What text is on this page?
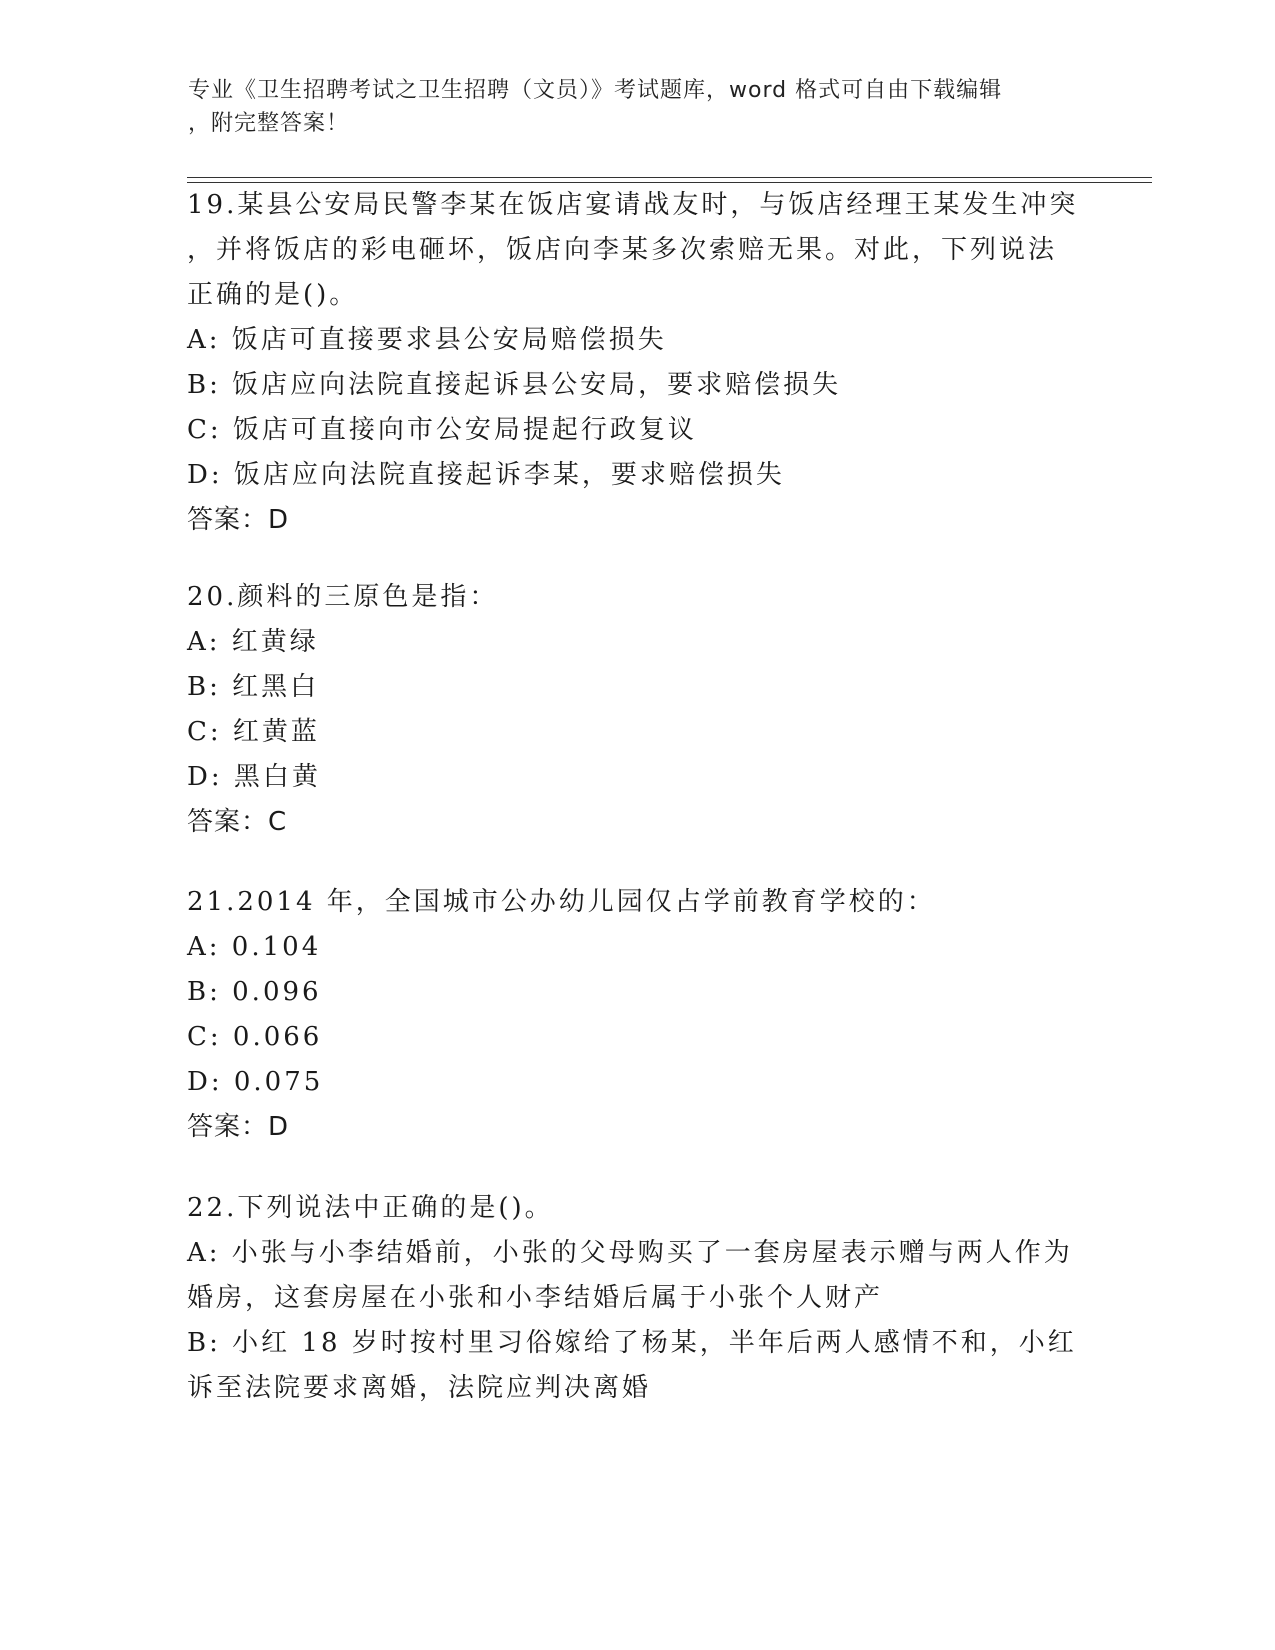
专业《卫生招聘考试之卫生招聘（文员）》考试题库，word 格式可自由下载编辑
，附完整答案！
19.某县公安局民警李某在饭店宴请战友时，与饭店经理王某发生冲突
，并将饭店的彩电砸坏，饭店向李某多次索赔无果。对此，下列说法
正确的是()。
A: 饭店可直接要求县公安局赔偿损失
B: 饭店应向法院直接起诉县公安局，要求赔偿损失
C: 饭店可直接向市公安局提起行政复议
D: 饭店应向法院直接起诉李某，要求赔偿损失
答案：D
20.颜料的三原色是指：
A: 红黄绿
B: 红黑白
C: 红黄蓝
D: 黑白黄
答案：C
21.2014 年，全国城市公办幼儿园仅占学前教育学校的：
A: 0.104
B: 0.096
C: 0.066
D: 0.075
答案：D
22.下列说法中正确的是()。
A: 小张与小李结婚前，小张的父母购买了一套房屋表示赠与两人作为
婚房，这套房屋在小张和小李结婚后属于小张个人财产
B: 小红 18 岁时按村里习俗嫁给了杨某，半年后两人感情不和，小红
诉至法院要求离婚，法院应判决离婚
